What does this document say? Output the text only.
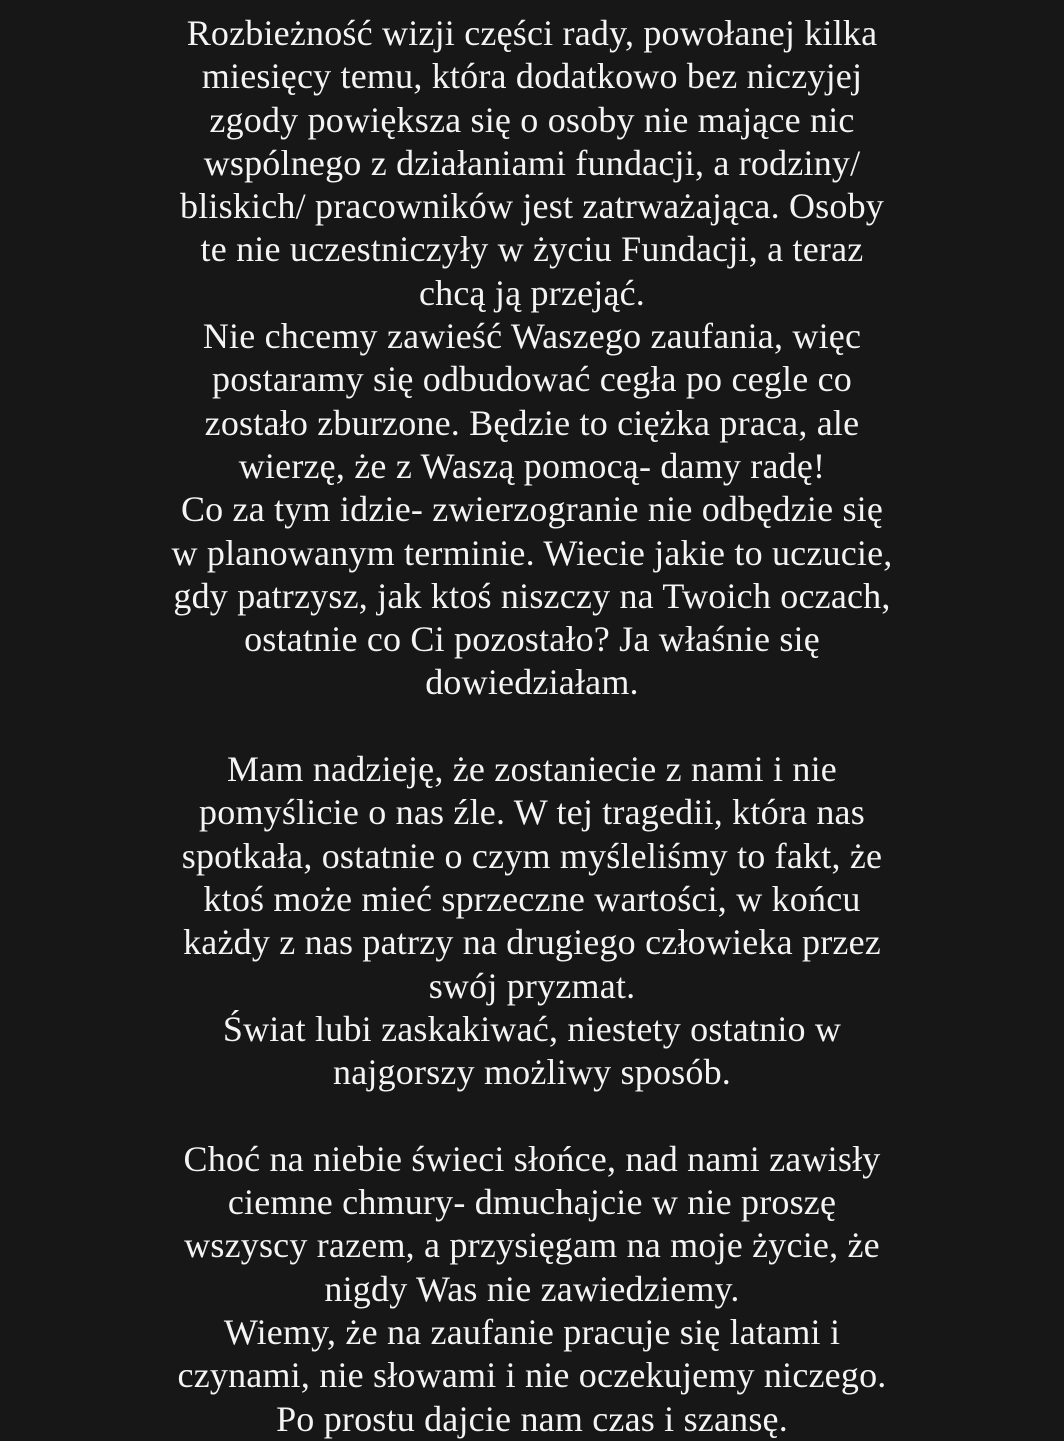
Rozbieżność wizji części rady, powołanej kilka
miesięcy temu, która dodatkowo bez niczyjej
zgody powiększa się o osoby nie mające nic
wspólnego z działaniami fundacji, a rodziny/
bliskich/ pracowników jest zatrważająca. Osoby
te nie uczestniczyły w życiu Fundacji, a teraz
chcą ją przejąć.
Nie chcemy zawieść Waszego zaufania, więc
postaramy się odbudować cegła po cegle co
zostało zburzone. Będzie to ciężka praca, ale
wierzę, że z Waszą pomocą- damy radę!
Co za tym idzie- zwierzogranie nie odbędzie się
w planowanym terminie. Wiecie jakie to uczucie,
gdy patrzysz, jak ktoś niszczy na Twoich oczach,
ostatnie co Ci pozostało? Ja właśnie się
dowiedziałam.
Mam nadzieję, że zostaniecie z nami i nie
pomyślicie o nas źle. W tej tragedii, która nas
spotkała, ostatnie o czym myśleliśmy to fakt, że
ktoś może mieć sprzeczne wartości, w końcu
każdy z nas patrzy na drugiego człowieka przez
swój pryzmat.
Świat lubi zaskakiwać, niestety ostatnio w
najgorszy możliwy sposób.
Choć na niebie świeci słońce, nad nami zawisły
ciemne chmury- dmuchajcie w nie proszę
wszyscy razem, a przysięgam na moje życie, że
nigdy Was nie zawiedziemy.
Wiemy, że na zaufanie pracuje się latami i
czynami, nie słowami i nie oczekujemy niczego.
Po prostu dajcie nam czas i szansę.
